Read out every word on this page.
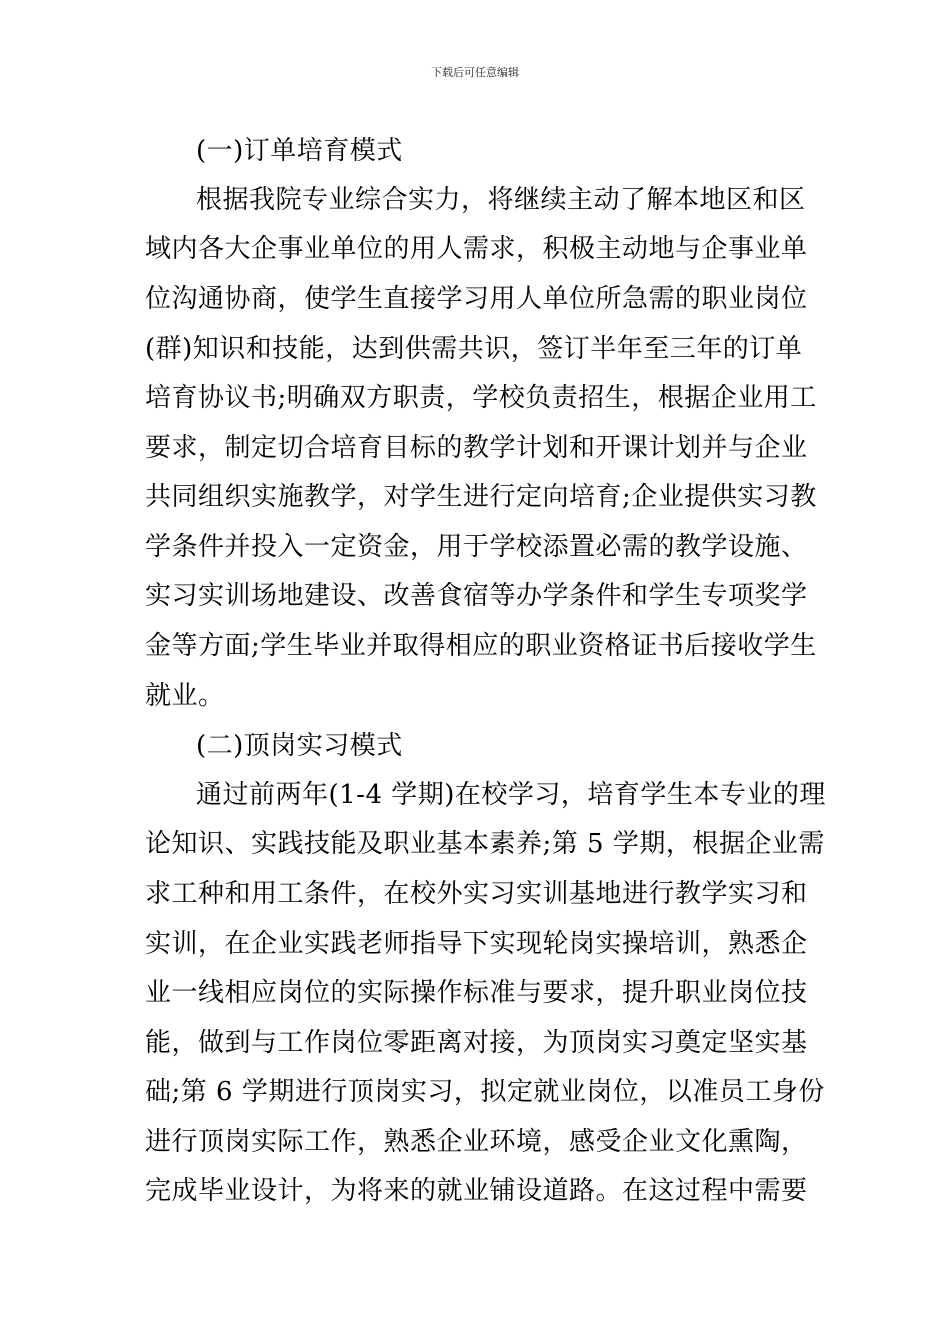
下载后可任意编辑
(一)订单培育模式
根据我院专业综合实力，将继续主动了解本地区和区
域内各大企事业单位的用人需求，积极主动地与企事业单
位沟通协商，使学生直接学习用人单位所急需的职业岗位
(群)知识和技能，达到供需共识，签订半年至三年的订单
培育协议书;明确双方职责，学校负责招生，根据企业用工
要求，制定切合培育目标的教学计划和开课计划并与企业
共同组织实施教学，对学生进行定向培育;企业提供实习教
学条件并投入一定资金，用于学校添置必需的教学设施、
实习实训场地建设、改善食宿等办学条件和学生专项奖学
金等方面;学生毕业并取得相应的职业资格证书后接收学生
就业。
(二)顶岗实习模式
通过前两年(1-4 学期)在校学习，培育学生本专业的理
论知识、实践技能及职业基本素养;第 5 学期，根据企业需
求工种和用工条件，在校外实习实训基地进行教学实习和
实训，在企业实践老师指导下实现轮岗实操培训，熟悉企
业一线相应岗位的实际操作标准与要求，提升职业岗位技
能，做到与工作岗位零距离对接，为顶岗实习奠定坚实基
础;第 6 学期进行顶岗实习，拟定就业岗位，以准员工身份
进行顶岗实际工作，熟悉企业环境，感受企业文化熏陶，
完成毕业设计，为将来的就业铺设道路。在这过程中需要
